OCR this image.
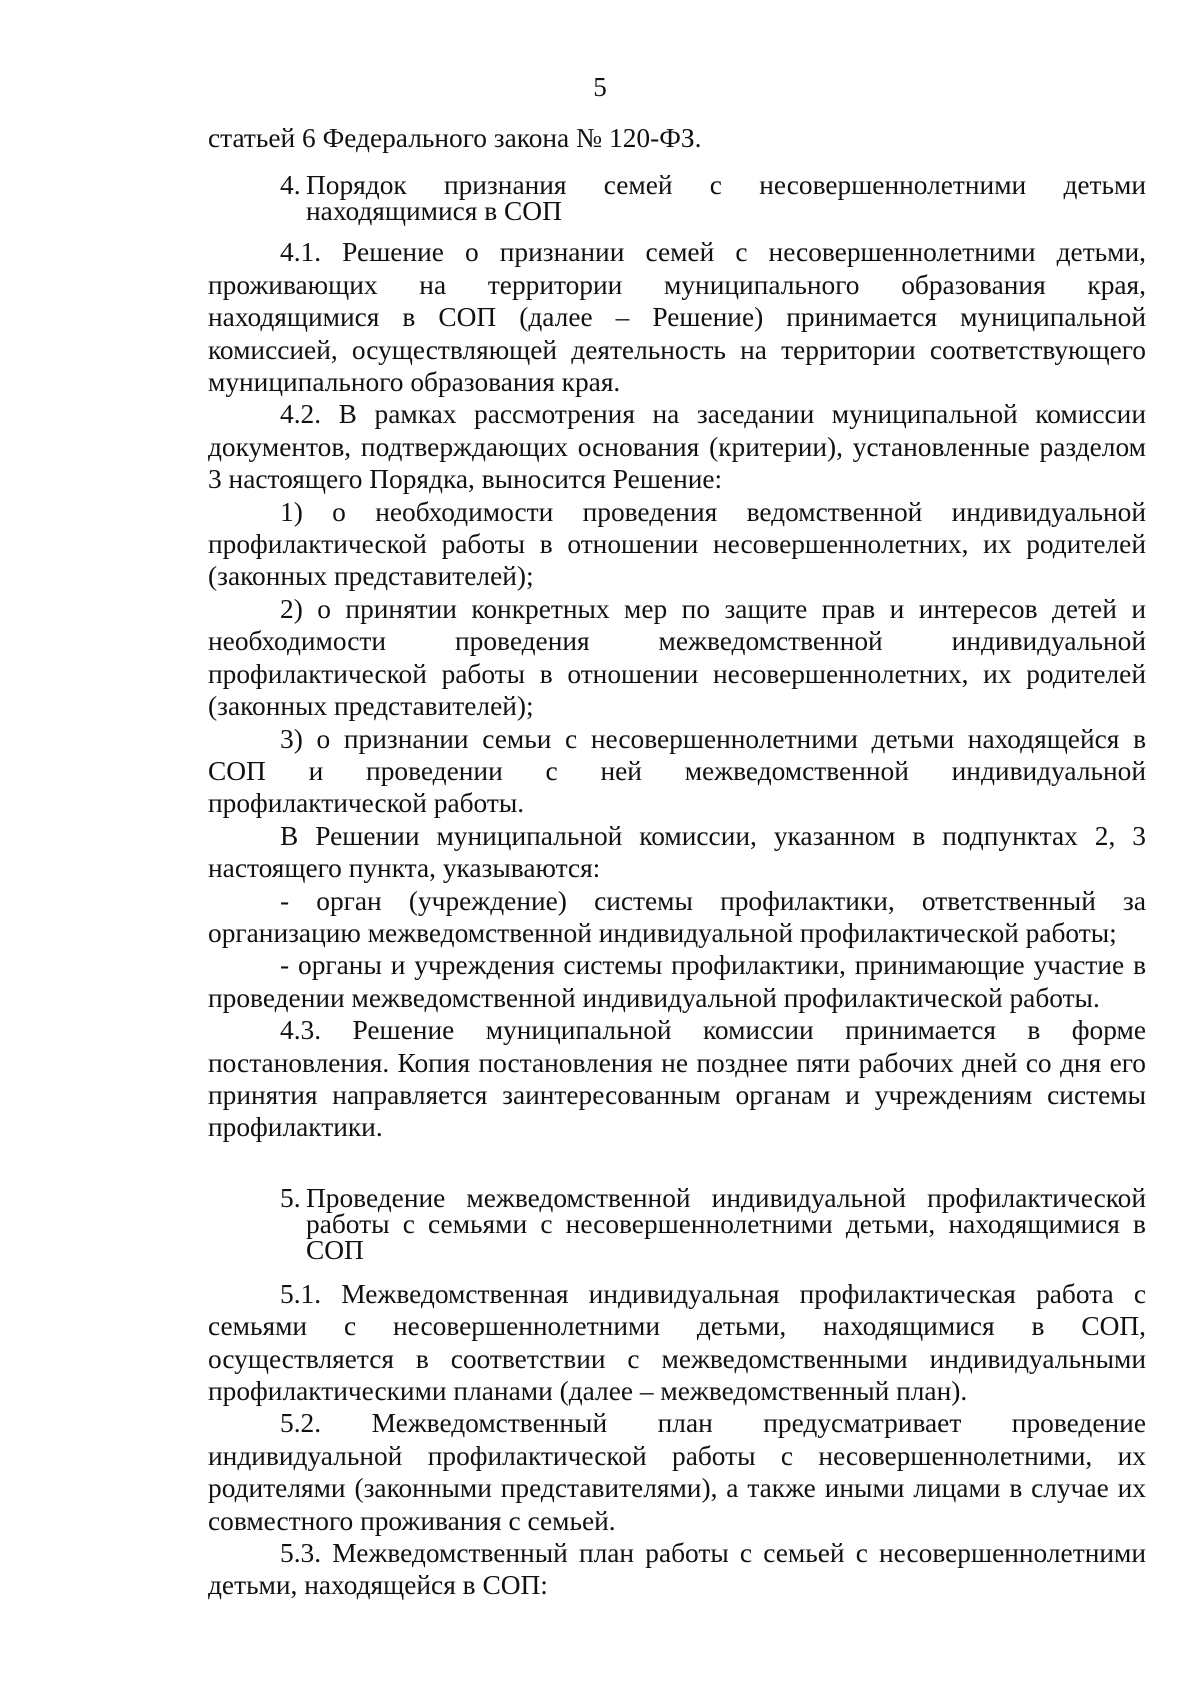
5

статьей 6 Федерального закона № 120-ФЗ.

4. Порядок признания семей с несовершеннолетними детьми находящимися в СОП

4.1. Решение о признании семей с несовершеннолетними детьми, проживающих на территории муниципального образования края, находящимися в СОП (далее – Решение) принимается муниципальной комиссией, осуществляющей деятельность на территории соответствующего муниципального образования края.

4.2. В рамках рассмотрения на заседании муниципальной комиссии документов, подтверждающих основания (критерии), установленные разделом 3 настоящего Порядка, выносится Решение:

1) о необходимости проведения ведомственной индивидуальной профилактической работы в отношении несовершеннолетних, их родителей (законных представителей);

2) о принятии конкретных мер по защите прав и интересов детей и необходимости проведения межведомственной индивидуальной профилактической работы в отношении несовершеннолетних, их родителей (законных представителей);

3) о признании семьи с несовершеннолетними детьми находящейся в СОП и проведении с ней межведомственной индивидуальной профилактической работы.

В Решении муниципальной комиссии, указанном в подпунктах 2, 3 настоящего пункта, указываются:

- орган (учреждение) системы профилактики, ответственный за организацию межведомственной индивидуальной профилактической работы;

- органы и учреждения системы профилактики, принимающие участие в проведении межведомственной индивидуальной профилактической работы.

4.3. Решение муниципальной комиссии принимается в форме постановления. Копия постановления не позднее пяти рабочих дней со дня его принятия направляется заинтересованным органам и учреждениям системы профилактики.

5. Проведение межведомственной индивидуальной профилактической работы с семьями с несовершеннолетними детьми, находящимися в СОП

5.1. Межведомственная индивидуальная профилактическая работа с семьями с несовершеннолетними детьми, находящимися в СОП, осуществляется в соответствии с межведомственными индивидуальными профилактическими планами (далее – межведомственный план).

5.2. Межведомственный план предусматривает проведение индивидуальной профилактической работы с несовершеннолетними, их родителями (законными представителями), а также иными лицами в случае их совместного проживания с семьей.

5.3. Межведомственный план работы с семьей с несовершеннолетними детьми, находящейся в СОП:
